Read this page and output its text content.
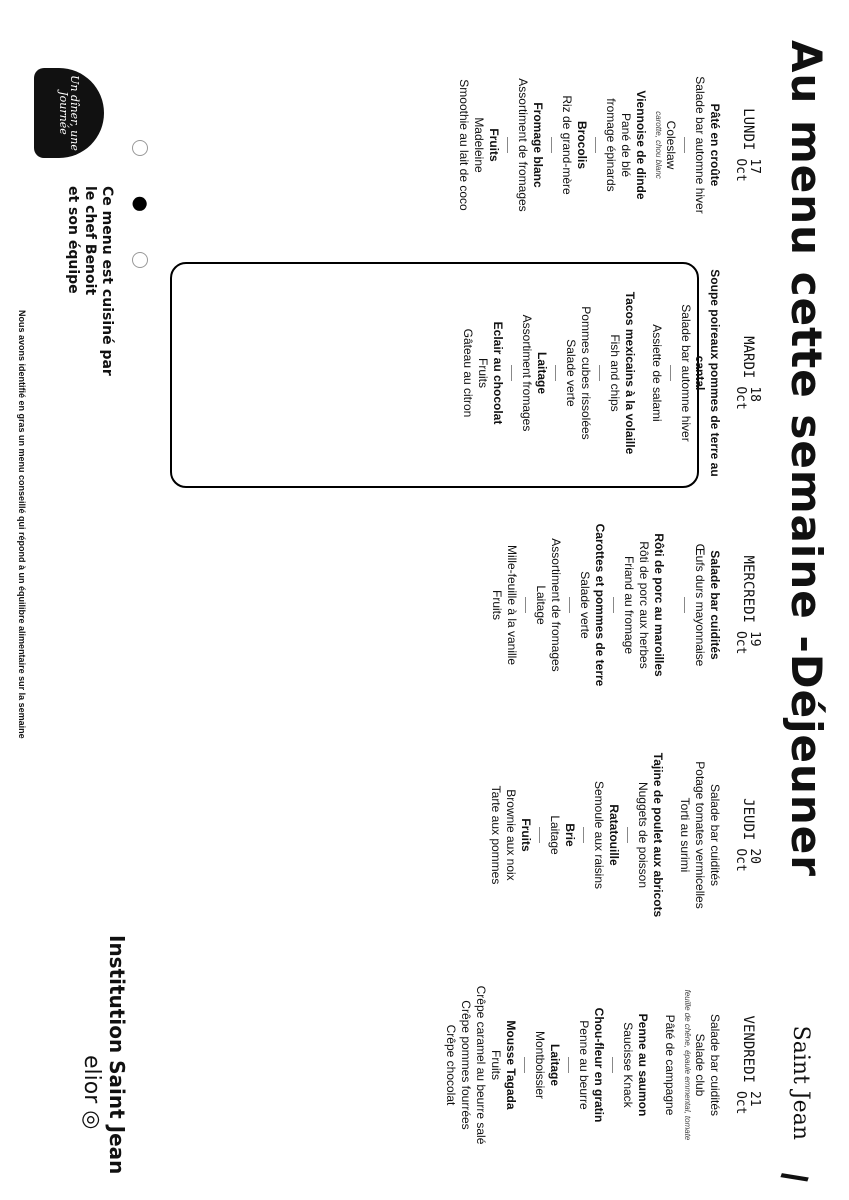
Au menu cette semaine -Déjeuner
Saint Jean
\
LUNDI
17
Oct
Pâté en croûte
Salade bar automne hiver
Coleslaw
carotte, chou blanc
Viennoise de dinde
Pané de blé
fromage épinards
Brocolis
Riz de grand-mère
Fromage blanc
Assortiment de fromages
Fruits
Madeleine
Smoothie au lait de coco
MARDI
18
Oct
Soupe poireaux pommes de terre au cantal
Salade bar automne hiver
Assiette de salami
Tacos mexicains à la volaille
Fish and chips
Pommes cubes rissolées
Salade verte
Laitage
Assortiment fromages
Eclair au chocolat
Fruits
Gâteau au citron
MERCREDI
19
Oct
Salade bar cuidités
Œufs durs mayonnaise
Rôti de porc au maroilles
Rôti de porc aux herbes
Friand au fromage
Carottes et pommes de terre
Salade verte
Assortiment de fromages
Laitage
Mille-feuille à la vanille
Fruits
JEUDI
20
Oct
Salade bar cuidités
Potage tomates vermicelles
Torti au surimi
Tajine de poulet aux abricots
Nuggets de poisson
Ratatouille
Semoule aux raisins
Brie
Laitage
Fruits
Brownie aux noix
Tarte aux pommes
VENDREDI
21
Oct
Salade bar cuidités
Salade club
feuille de chêne, épaule emmental, tomate
Pâté de campagne
Penne au saumon
Saucisse Knack
Chou-fleur en gratin
Penne au beurre
Laitage
Montboissier
Mousse Tagada
Fruits
Crêpe caramel au beurre salé
Crêpe pommes fourrées
Crêpe chocolat
⬤
Un dîner, une Journée
Ce menu est cuisiné par
le chef Benoit
et son équipe
Institution Saint Jean
elior ◎
Nous avons identifié en gras un menu conseillé qui répond à un équilibre alimentaire sur la semaine
